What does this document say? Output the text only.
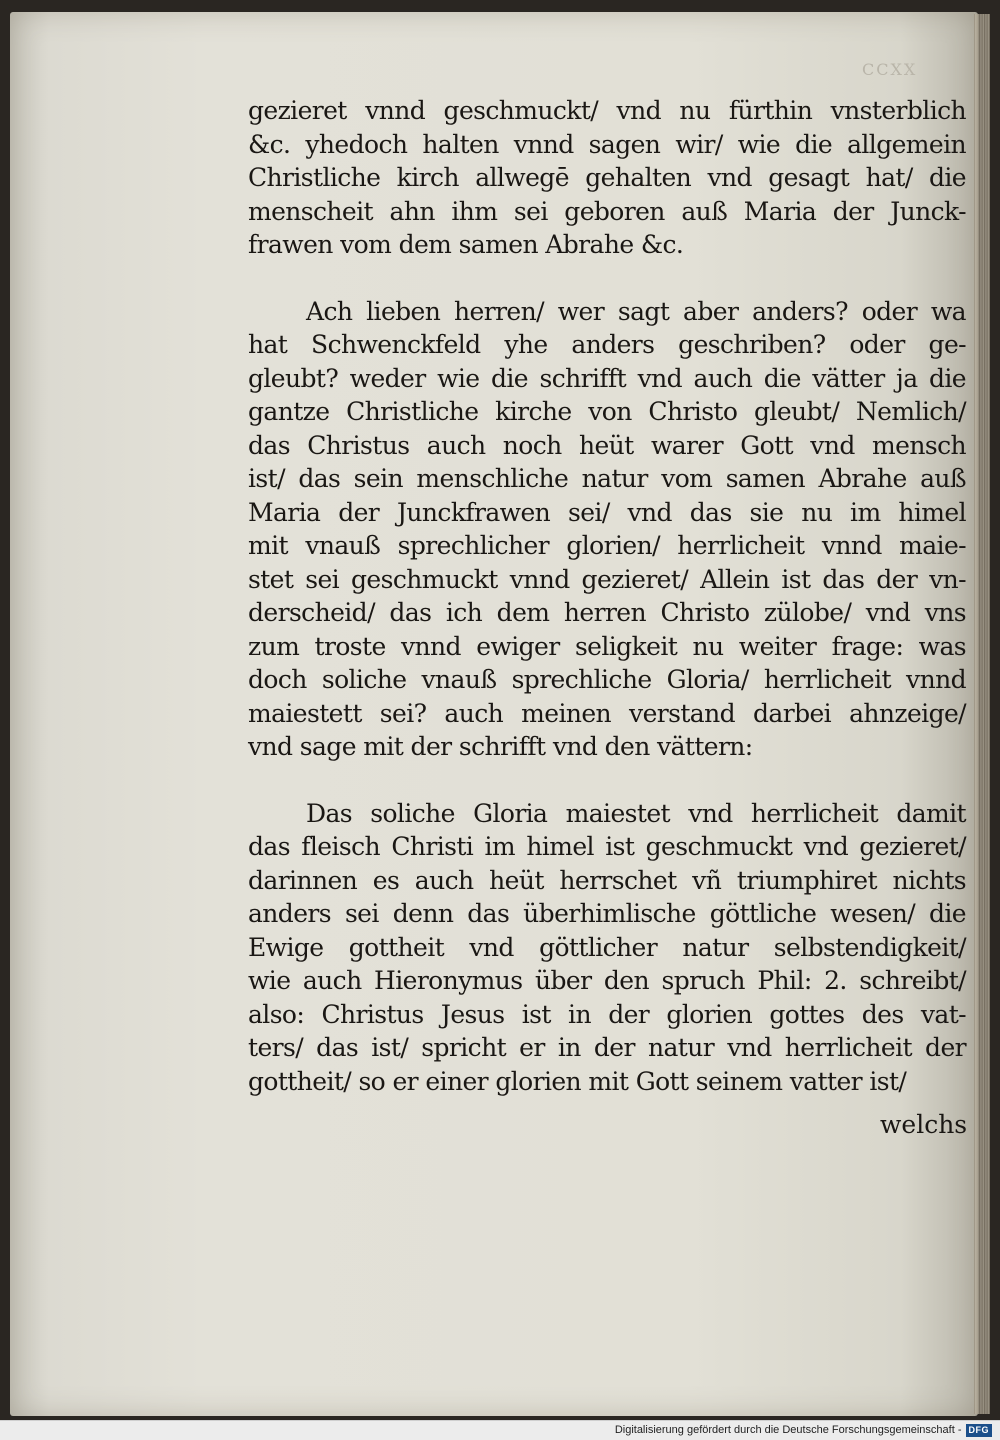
CCXX
gezieret vnnd geschmuckt/ vnd nu fürthin vnsterblich
&c. yhedoch halten vnnd sagen wir/ wie die allgemein
Christliche kirch allwegē gehalten vnd gesagt hat/ die
menscheit ahn ihm sei geboren auß Maria der Junck-
frawen vom dem samen Abrahe &c.
Ach lieben herren/ wer sagt aber anders? oder wa
hat Schwenckfeld yhe anders geschriben? oder ge-
gleubt? weder wie die schrifft vnd auch die vätter ja die
gantze Christliche kirche von Christo gleubt/ Nemlich/
das Christus auch noch heüt warer Gott vnd mensch
ist/ das sein menschliche natur vom samen Abrahe auß
Maria der Junckfrawen sei/ vnd das sie nu im himel
mit vnauß sprechlicher glorien/ herrlicheit vnnd maie-
stet sei geschmuckt vnnd gezieret/ Allein ist das der vn-
derscheid/ das ich dem herren Christo zülobe/ vnd vns
zum troste vnnd ewiger seligkeit nu weiter frage: was
doch soliche vnauß sprechliche Gloria/ herrlicheit vnnd
maiestett sei? auch meinen verstand darbei ahnzeige/
vnd sage mit der schrifft vnd den vättern:
Das soliche Gloria maiestet vnd herrlicheit damit
das fleisch Christi im himel ist geschmuckt vnd gezieret/
darinnen es auch heüt herrschet vñ triumphiret nichts
anders sei denn das überhimlische göttliche wesen/ die
Ewige gottheit vnd göttlicher natur selbstendigkeit/
wie auch Hieronymus über den spruch Phil: 2. schreibt/
also: Christus Jesus ist in der glorien gottes des vat-
ters/ das ist/ spricht er in der natur vnd herrlicheit der
gottheit/ so er einer glorien mit Gott seinem vatter ist/
welchs
Digitalisierung gefördert durch die Deutsche Forschungsgemeinschaft - DFG
